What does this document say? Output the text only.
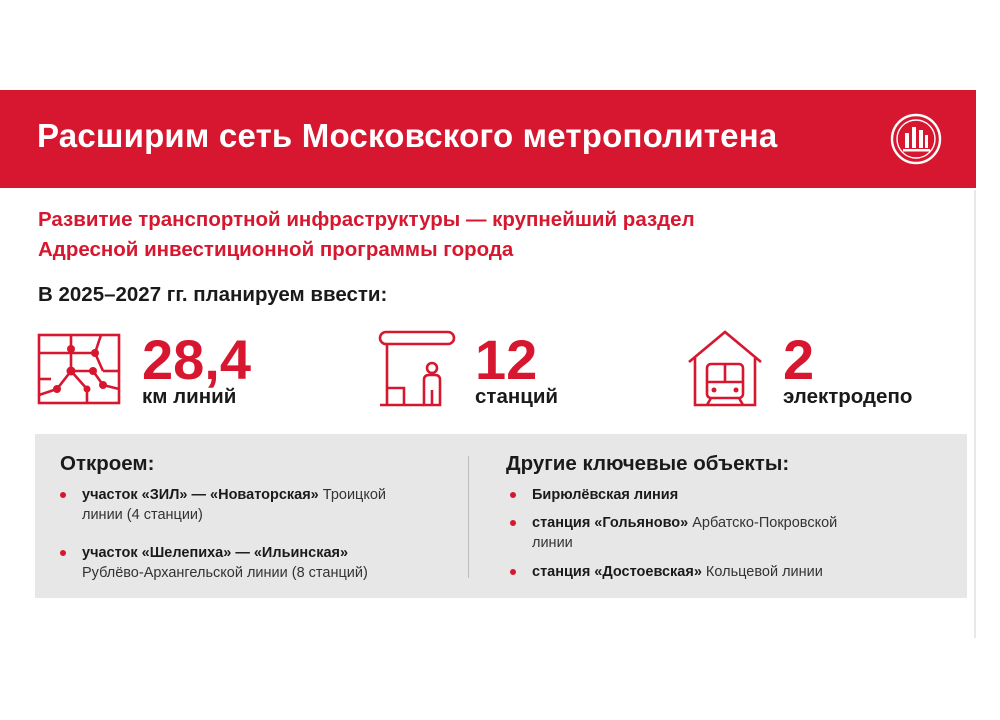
Расширим сеть Московского метрополитена
Развитие транспортной инфраструктуры — крупнейший раздел
Адресной инвестиционной программы города
В 2025–2027 гг. планируем ввести:
28,4
км линий
12
станций
2
электродепо
Откроем:
участок «ЗИЛ» — «Новаторская» Троицкой
линии (4 станции)
участок «Шелепиха» — «Ильинская»
Рублёво-Архангельской линии (8 станций)
Другие ключевые объекты:
Бирюлёвская линия
станция «Гольяново» Арбатско-Покровской
линии
станция «Достоевская» Кольцевой линии
